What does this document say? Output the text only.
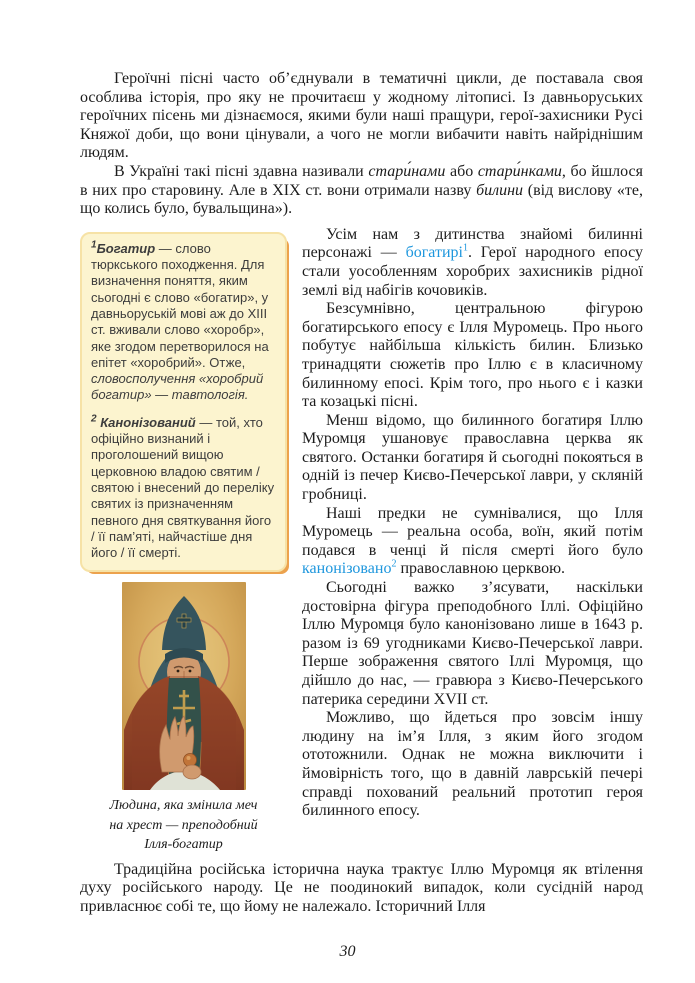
Героїчні пісні часто об’єднували в тематичні цикли, де поставала своя особлива історія, про яку не прочитаєш у жодному літописі. Із давньоруських героїчних пісень ми дізнаємося, якими були наші пращури, герої-захисники Русі Княжої доби, що вони цінували, а чого не могли вибачити навіть найріднішим людям.

В Україні такі пісні здавна називали стари́нами або стари́нками, бо йшлося в них про старовину. Але в XIX ст. вони отримали назву билини (від вислову «те, що колись було, бувальщина»).

$^1$Богатир — слово тюркського походження. Для визначення поняття, яким сьогодні є слово «богатир», у давньоруській мові аж до XIII ст. вживали слово «хоробр», яке згодом перетворилося на епітет «хоробрий». Отже, словосполучення «хоробрий богатир» — тавтологія.

$^2$ Канонізований — той, хто офіційно визнаний і проголошений вищою церковною владою святим / святою і внесений до переліку святих із призначенням певного дня святкування його / її пам’яті, найчастіше дня його / її смерті.

Людина, яка змінила меч
на хрест — преподобний
Ілля-богатир

Усім нам з дитинства знайомі билинні персонажі — богатирі$^1$. Герої народного епосу стали уособленням хоробрих захисників рідної землі від набігів кочовиків.

Безсумнівно, центральною фігурою богатирського епосу є Ілля Муромець. Про нього побутує найбільша кількість билин. Близько тринадцяти сюжетів про Іллю є в класичному билинному епосі. Крім того, про нього є і казки та козацькі пісні.

Менш відомо, що билинного богатиря Іллю Муромця ушановує православна церква як святого. Останки богатиря й сьогодні покояться в одній із печер Києво-Печерської лаври, у скляній гробниці.

Наші предки не сумнівалися, що Ілля Муромець — реальна особа, воїн, який потім подався в ченці й після смерті його було канонізовано$^2$ православною церквою.

Сьогодні важко з’ясувати, наскільки достовірна фігура преподобного Іллі. Офіційно Іллю Муромця було канонізовано лише в 1643 р. разом із 69 угодниками Києво-Печерської лаври. Перше зображення святого Іллі Муромця, що дійшло до нас, — гравюра з Києво-Печерського патерика середини XVII ст.

Можливо, що йдеться про зовсім іншу людину на ім’я Ілля, з яким його згодом ототожнили. Однак не можна виключити і ймовірність того, що в давній лаврській печері справді похований реальний прототип героя билинного епосу.

Традиційна російська історична наука трактує Іллю Муромця як втілення духу російського народу. Це не поодинокий випадок, коли сусідній народ привласнює собі те, що йому не належало. Історичний Ілля

30
